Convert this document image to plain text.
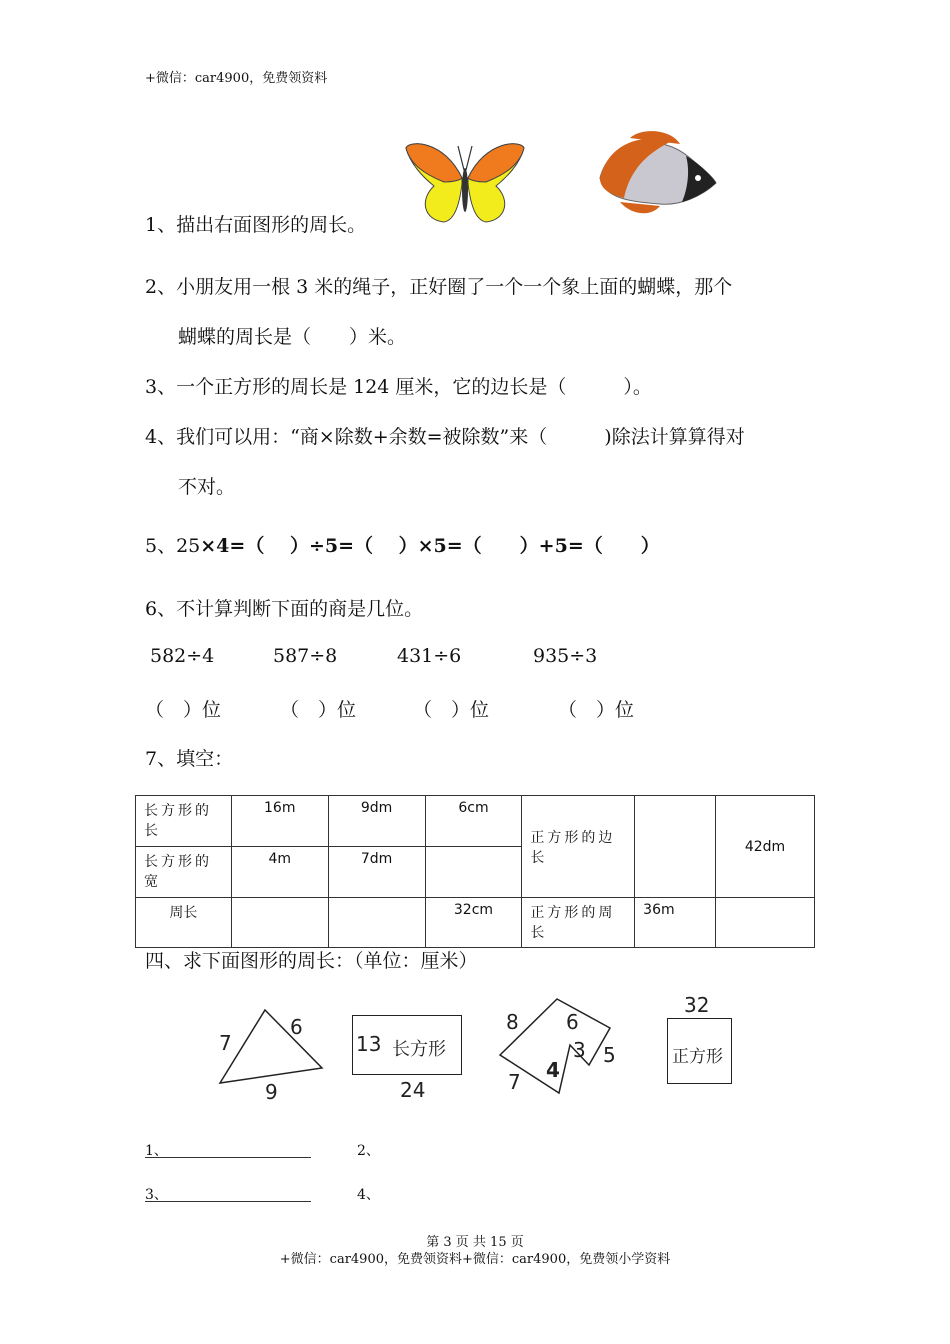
+微信：car4900，免费领资料
1、描出右面图形的周长。
2、小朋友用一根 3 米的绳子，正好圈了一个一个象上面的蝴蝶，那个
蝴蝶的周长是（　　）米。
3、一个正方形的周长是 124 厘米，它的边长是（　　　）。
4、我们可以用：“商×除数+余数=被除数”来（　　　)除法计算算得对
不对。
5、25×4=（　 ）÷5=（　 ）×5=（　　）+5=（　　）
6、不计算判断下面的商是几位。
582÷4	587÷8	431÷6	935÷3
（　）位	（　）位	（　）位	（　）位
7、填空：
长方形的长	16m	9dm	6cm	正方形的边长		42dm
长方形的宽	4m	7dm				
周长			32cm	正方形的周长	36m	
四、求下面图形的周长：（单位：厘米）
7
6
9
13 长方形
24
8 6
3 5
4
7
32
正方形
1、	2、
3、	4、
第 3 页 共 15 页
+微信：car4900，免费领资料+微信：car4900，免费领小学资料
